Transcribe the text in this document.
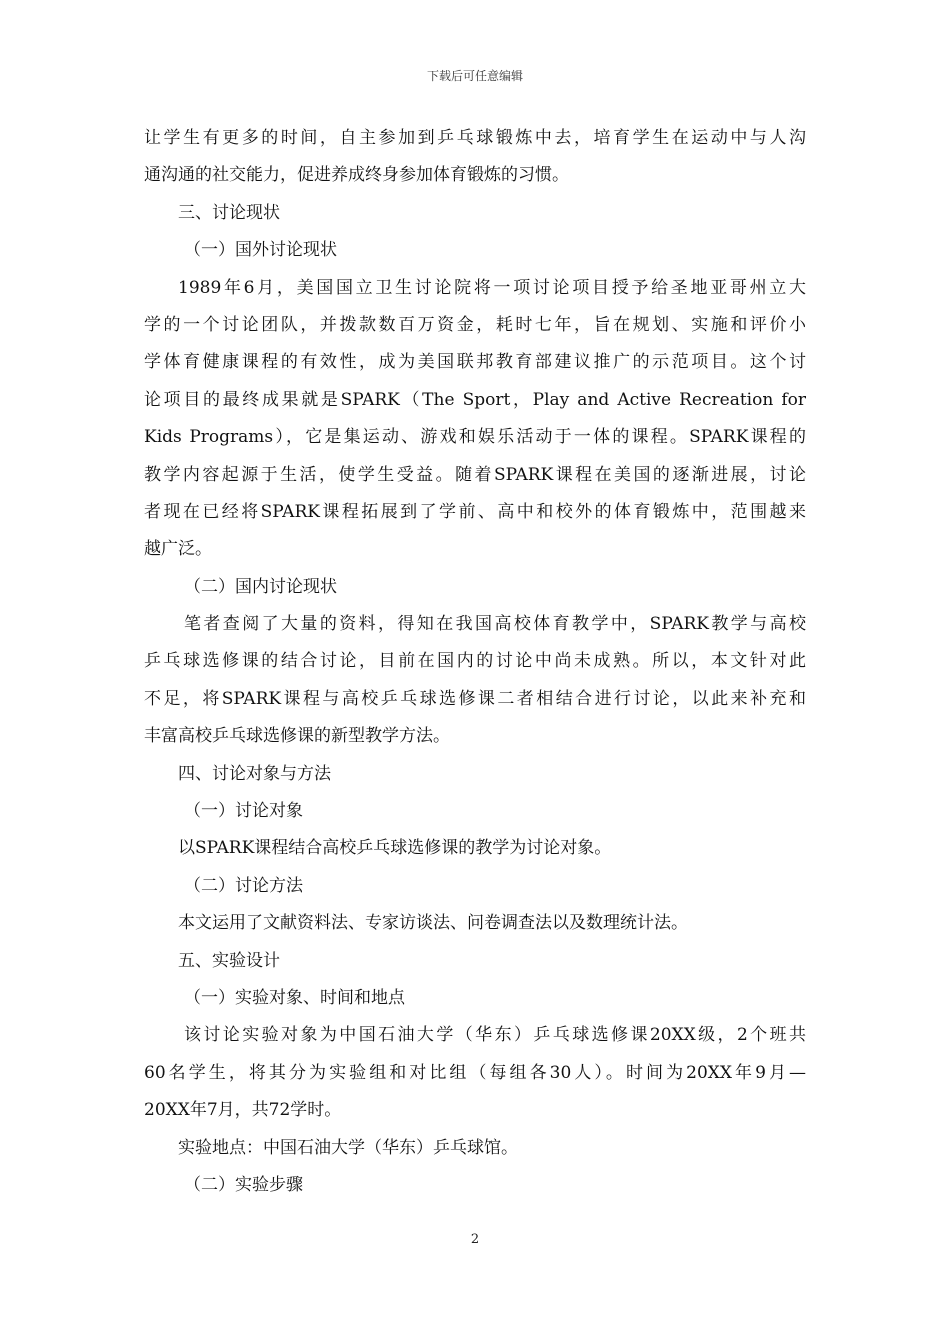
下载后可任意编辑
让学生有更多的时间，自主参加到乒乓球锻炼中去，培育学生在运动中与人沟
通沟通的社交能力，促进养成终身参加体育锻炼的习惯。
三、讨论现状
（一）国外讨论现状
1989年6月，美国国立卫生讨论院将一项讨论项目授予给圣地亚哥州立大
学的一个讨论团队，并拨款数百万资金，耗时七年，旨在规划、实施和评价小
学体育健康课程的有效性，成为美国联邦教育部建议推广的示范项目。这个讨
论项目的最终成果就是SPARK（The Sport，Play and Active Recreation for
Kids Programs），它是集运动、游戏和娱乐活动于一体的课程。SPARK课程的
教学内容起源于生活，使学生受益。随着SPARK课程在美国的逐渐进展，讨论
者现在已经将SPARK课程拓展到了学前、高中和校外的体育锻炼中，范围越来
越广泛。
（二）国内讨论现状
笔者查阅了大量的资料，得知在我国高校体育教学中，SPARK教学与高校
乒乓球选修课的结合讨论，目前在国内的讨论中尚未成熟。所以，本文针对此
不足，将SPARK课程与高校乒乓球选修课二者相结合进行讨论，以此来补充和
丰富高校乒乓球选修课的新型教学方法。
四、讨论对象与方法
（一）讨论对象
以SPARK课程结合高校乒乓球选修课的教学为讨论对象。
（二）讨论方法
本文运用了文献资料法、专家访谈法、问卷调查法以及数理统计法。
五、实验设计
（一）实验对象、时间和地点
该讨论实验对象为中国石油大学（华东）乒乓球选修课20XX级，2个班共
60名学生，将其分为实验组和对比组（每组各30人）。时间为20XX年9月—
20XX年7月，共72学时。
实验地点：中国石油大学（华东）乒乓球馆。
（二）实验步骤
2
